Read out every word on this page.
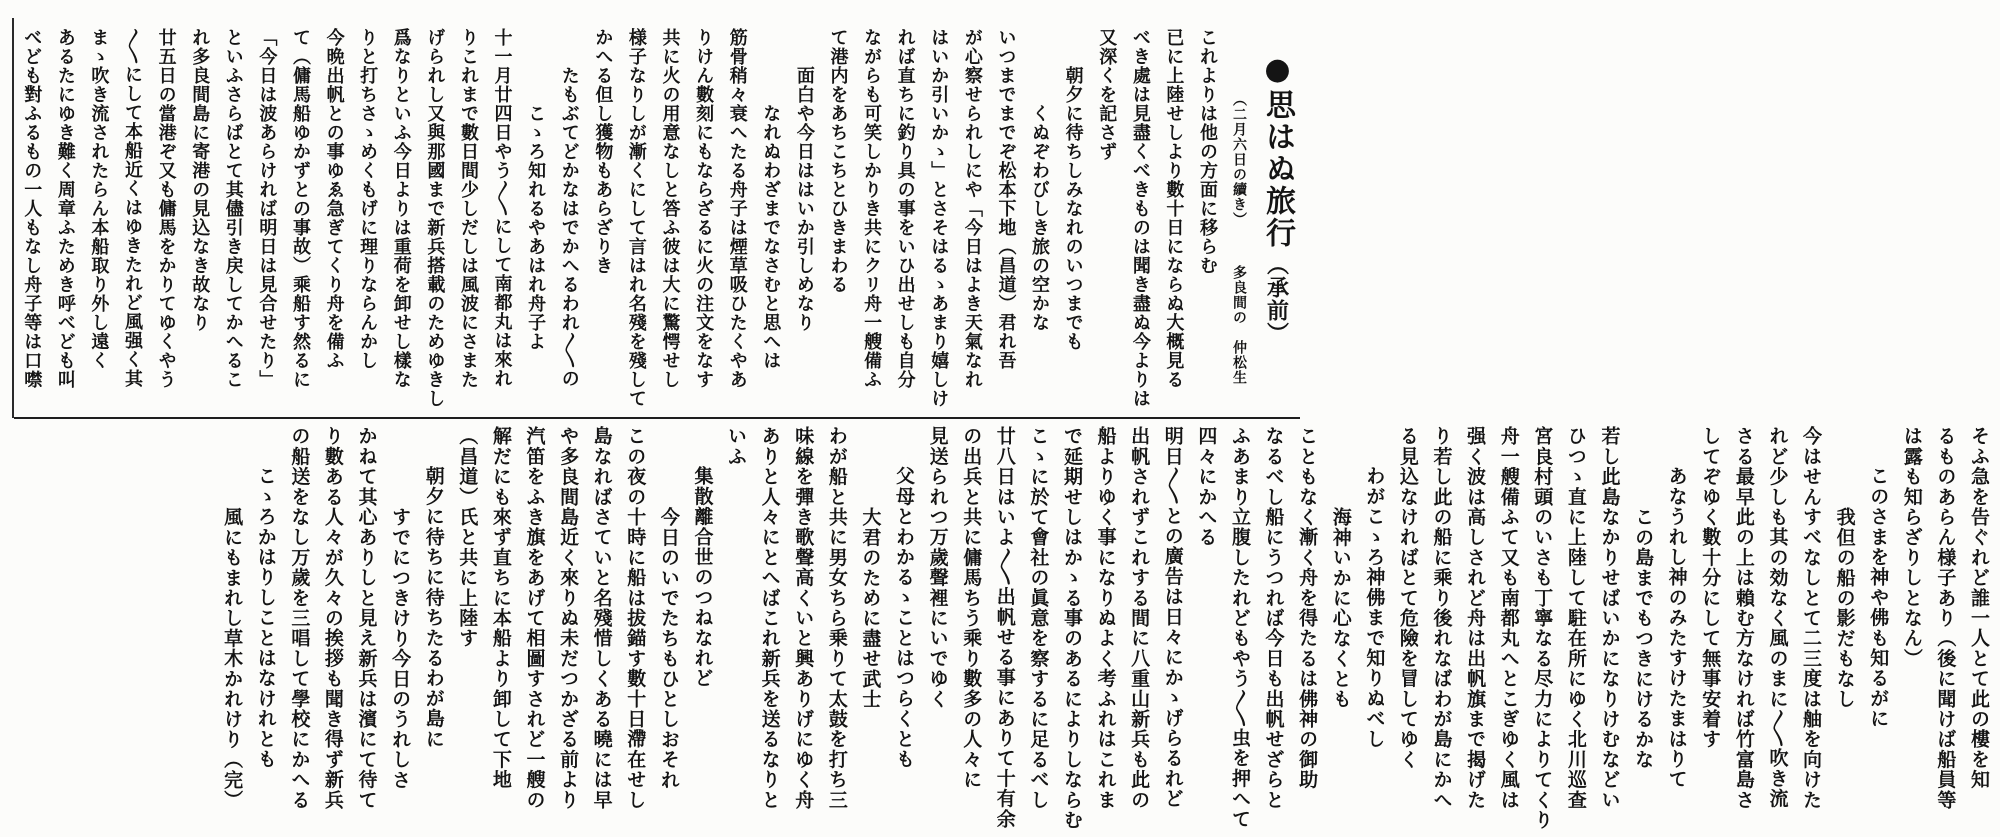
●思はぬ旅行
（承前）
（二月六日の續き）
多良間の　仲松生
これよりは他の方面に移らむ
已に上陸せしより數十日にならぬ大概見る
べき處は見盡くべきものは聞き盡ぬ今よりは
又深くを記さず
朝夕に待ちしみなれのいつまでも
くぬぞわびしき旅の空かな
いつまでまでぞ松本下地（昌道）君れ吾
が心察せられしにや「今日はよき天氣なれ
はいか引いかゝ」とさそはるゝあまり嬉しけ
れば直ちに釣り具の事をいひ出せしも自分
ながらも可笑しかりき共にクリ舟一艘備ふ
て港内をあちこちとひきまわる
面白や今日ははいか引しめなり
なれぬわざまでなさむと思へは
筋骨稍々衰へたる舟子は煙草吸ひたくやあ
りけん數刻にもならざるに火の注文をなす
共に火の用意なしと答ふ彼は大に驚愕せし
様子なりしが漸くにして言はれ名殘を殘して
かへる但し獲物もあらざりき
たもぶてどかなはでかへるわれ〳〵の
こゝろ知れるやあはれ舟子よ
十一月廿四日やう〳〵にして南都丸は來れ
りこれまで數日間少しだしは風波にさまた
げられし又與那國まで新兵搭載のためゆきし
爲なりといふ今日よりは重荷を卸せし樣な
りと打ちさゝめくもげに理りならんかし
今晩出帆との事ゆゑ急ぎてくり舟を備ふ
て（傭馬船ゆかずとの事故）乘船す然るに
「今日は波あらければ明日は見合せたり」
といふさらばとて其儘引き戻してかへるこ
れ多良間島に寄港の見込なき故なり
廿五日の當港ぞ又も傭馬をかりてゆくやう
〳〵にして本船近くはゆきたれど風强く其
まゝ吹き流されたらん本船取り外し遠く
あるたにゆき難く周章ふためき呼べども叫
べども對ふるもの一人もなし舟子等は口噤
そふ急を告ぐれど誰一人とて此の樓を知
るものあらん様子あり（後に聞けば船員等
は露も知らざりしとなん）
このさまを神や佛も知るがに
我但の船の影だもなし
今はせんすべなしとて二三度は舳を向けた
れど少しも其の効なく風のまに〳〵吹き流
さる最早此の上は賴む方なければ竹富島さ
してぞゆく數十分にして無事安着す
あなうれし神のみたすけたまはりて
この島までもつきにけるかな
若し此島なかりせばいかになりけむなどい
ひつゝ直に上陸して駐在所にゆく北川巡查
宮良村頭のいさも丁寧なる尽力によりてくり
舟一艘備ふて又も南都丸へとこぎゆく風は
强く波は高しされど舟は出帆旗まで揭げた
り若し此の船に乘り後れなばわが島にかへ
る見込なければとて危險を冒してゆく
わがこゝろ神佛まで知りぬべし
海神いかに心なくとも
こともなく漸く舟を得たるは佛神の御助
なるべし船にうつれば今日も出帆せざらと
ふあまり立腹したれどもやう〳〵虫を押へて
四々にかへる
明日〳〵との廣告は日々にかゝげらるれど
出帆されずこれする間に八重山新兵も此の
船よりゆく事になりぬよく考ふれはこれま
で延期せしはかゝる事のあるによりしならむ
こゝに於て會社の眞意を察するに足るべし
廿八日はいよ〳〵出帆せる事にありて十有余
の出兵と共に傭馬ちう乘り數多の人々に
見送られつ万歲聲裡にいでゆく
父母とわかるゝことはつらくとも
大君のために盡せ武士
わが船と共に男女ちら乗りて太鼓を打ち三
味線を彈き歌聲高くいと興ありげにゆく舟
ありと人々にとへばこれ新兵を送るなりと
いふ
集散離合世のつねなれど
今日のいでたちもひとしおそれ
この夜の十時に船は拔錨す數十日滯在せし
島なればさていと名殘惜しくある曉には早
や多良間島近く來りぬ未だつかざる前より
汽笛をふき旗をあげて相圖すされど一艘の
解だにも來ず直ちに本船より卸して下地
（昌道）氏と共に上陸す
朝夕に待ちに待ちたるわが島に
すでにつきけり今日のうれしさ
かねて其心ありしと見え新兵は濱にて待て
り數ある人々が久々の挨拶も聞き得ず新兵
の船送をなし万歲を三唱して學校にかへる
こゝろかはりしことはなけれとも
風にもまれし草木かれけり（完）
